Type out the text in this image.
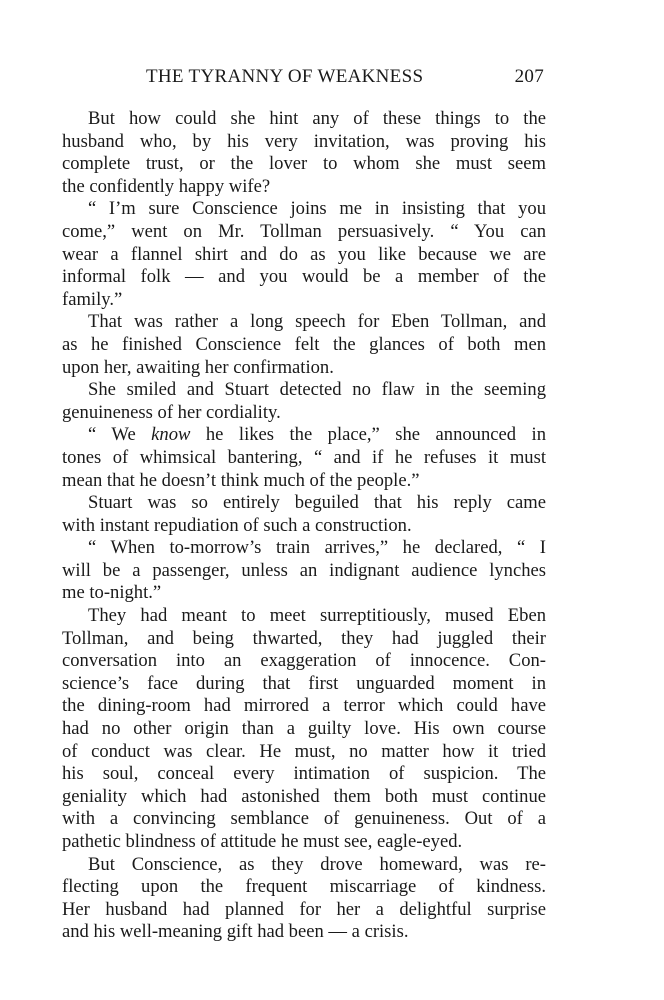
THE TYRANNY OF WEAKNESS	207
But how could she hint any of these things to the
husband who, by his very invitation, was proving his
complete trust, or the lover to whom she must seem
the confidently happy wife?
“ I’m sure Conscience joins me in insisting that you
come,” went on Mr. Tollman persuasively. “ You can
wear a flannel shirt and do as you like because we are
informal folk — and you would be a member of the
family.”
That was rather a long speech for Eben Tollman, and
as he finished Conscience felt the glances of both men
upon her, awaiting her confirmation.
She smiled and Stuart detected no flaw in the seeming
genuineness of her cordiality.
“ We know he likes the place,” she announced in
tones of whimsical bantering, “ and if he refuses it must
mean that he doesn’t think much of the people.”
Stuart was so entirely beguiled that his reply came
with instant repudiation of such a construction.
“ When to-morrow’s train arrives,” he declared, “ I
will be a passenger, unless an indignant audience lynches
me to-night.”
They had meant to meet surreptitiously, mused Eben
Tollman, and being thwarted, they had juggled their
conversation into an exaggeration of innocence. Con-
science’s face during that first unguarded moment in
the dining-room had mirrored a terror which could have
had no other origin than a guilty love. His own course
of conduct was clear. He must, no matter how it tried
his soul, conceal every intimation of suspicion. The
geniality which had astonished them both must continue
with a convincing semblance of genuineness. Out of a
pathetic blindness of attitude he must see, eagle-eyed.
But Conscience, as they drove homeward, was re-
flecting upon the frequent miscarriage of kindness.
Her husband had planned for her a delightful surprise
and his well-meaning gift had been — a crisis.
